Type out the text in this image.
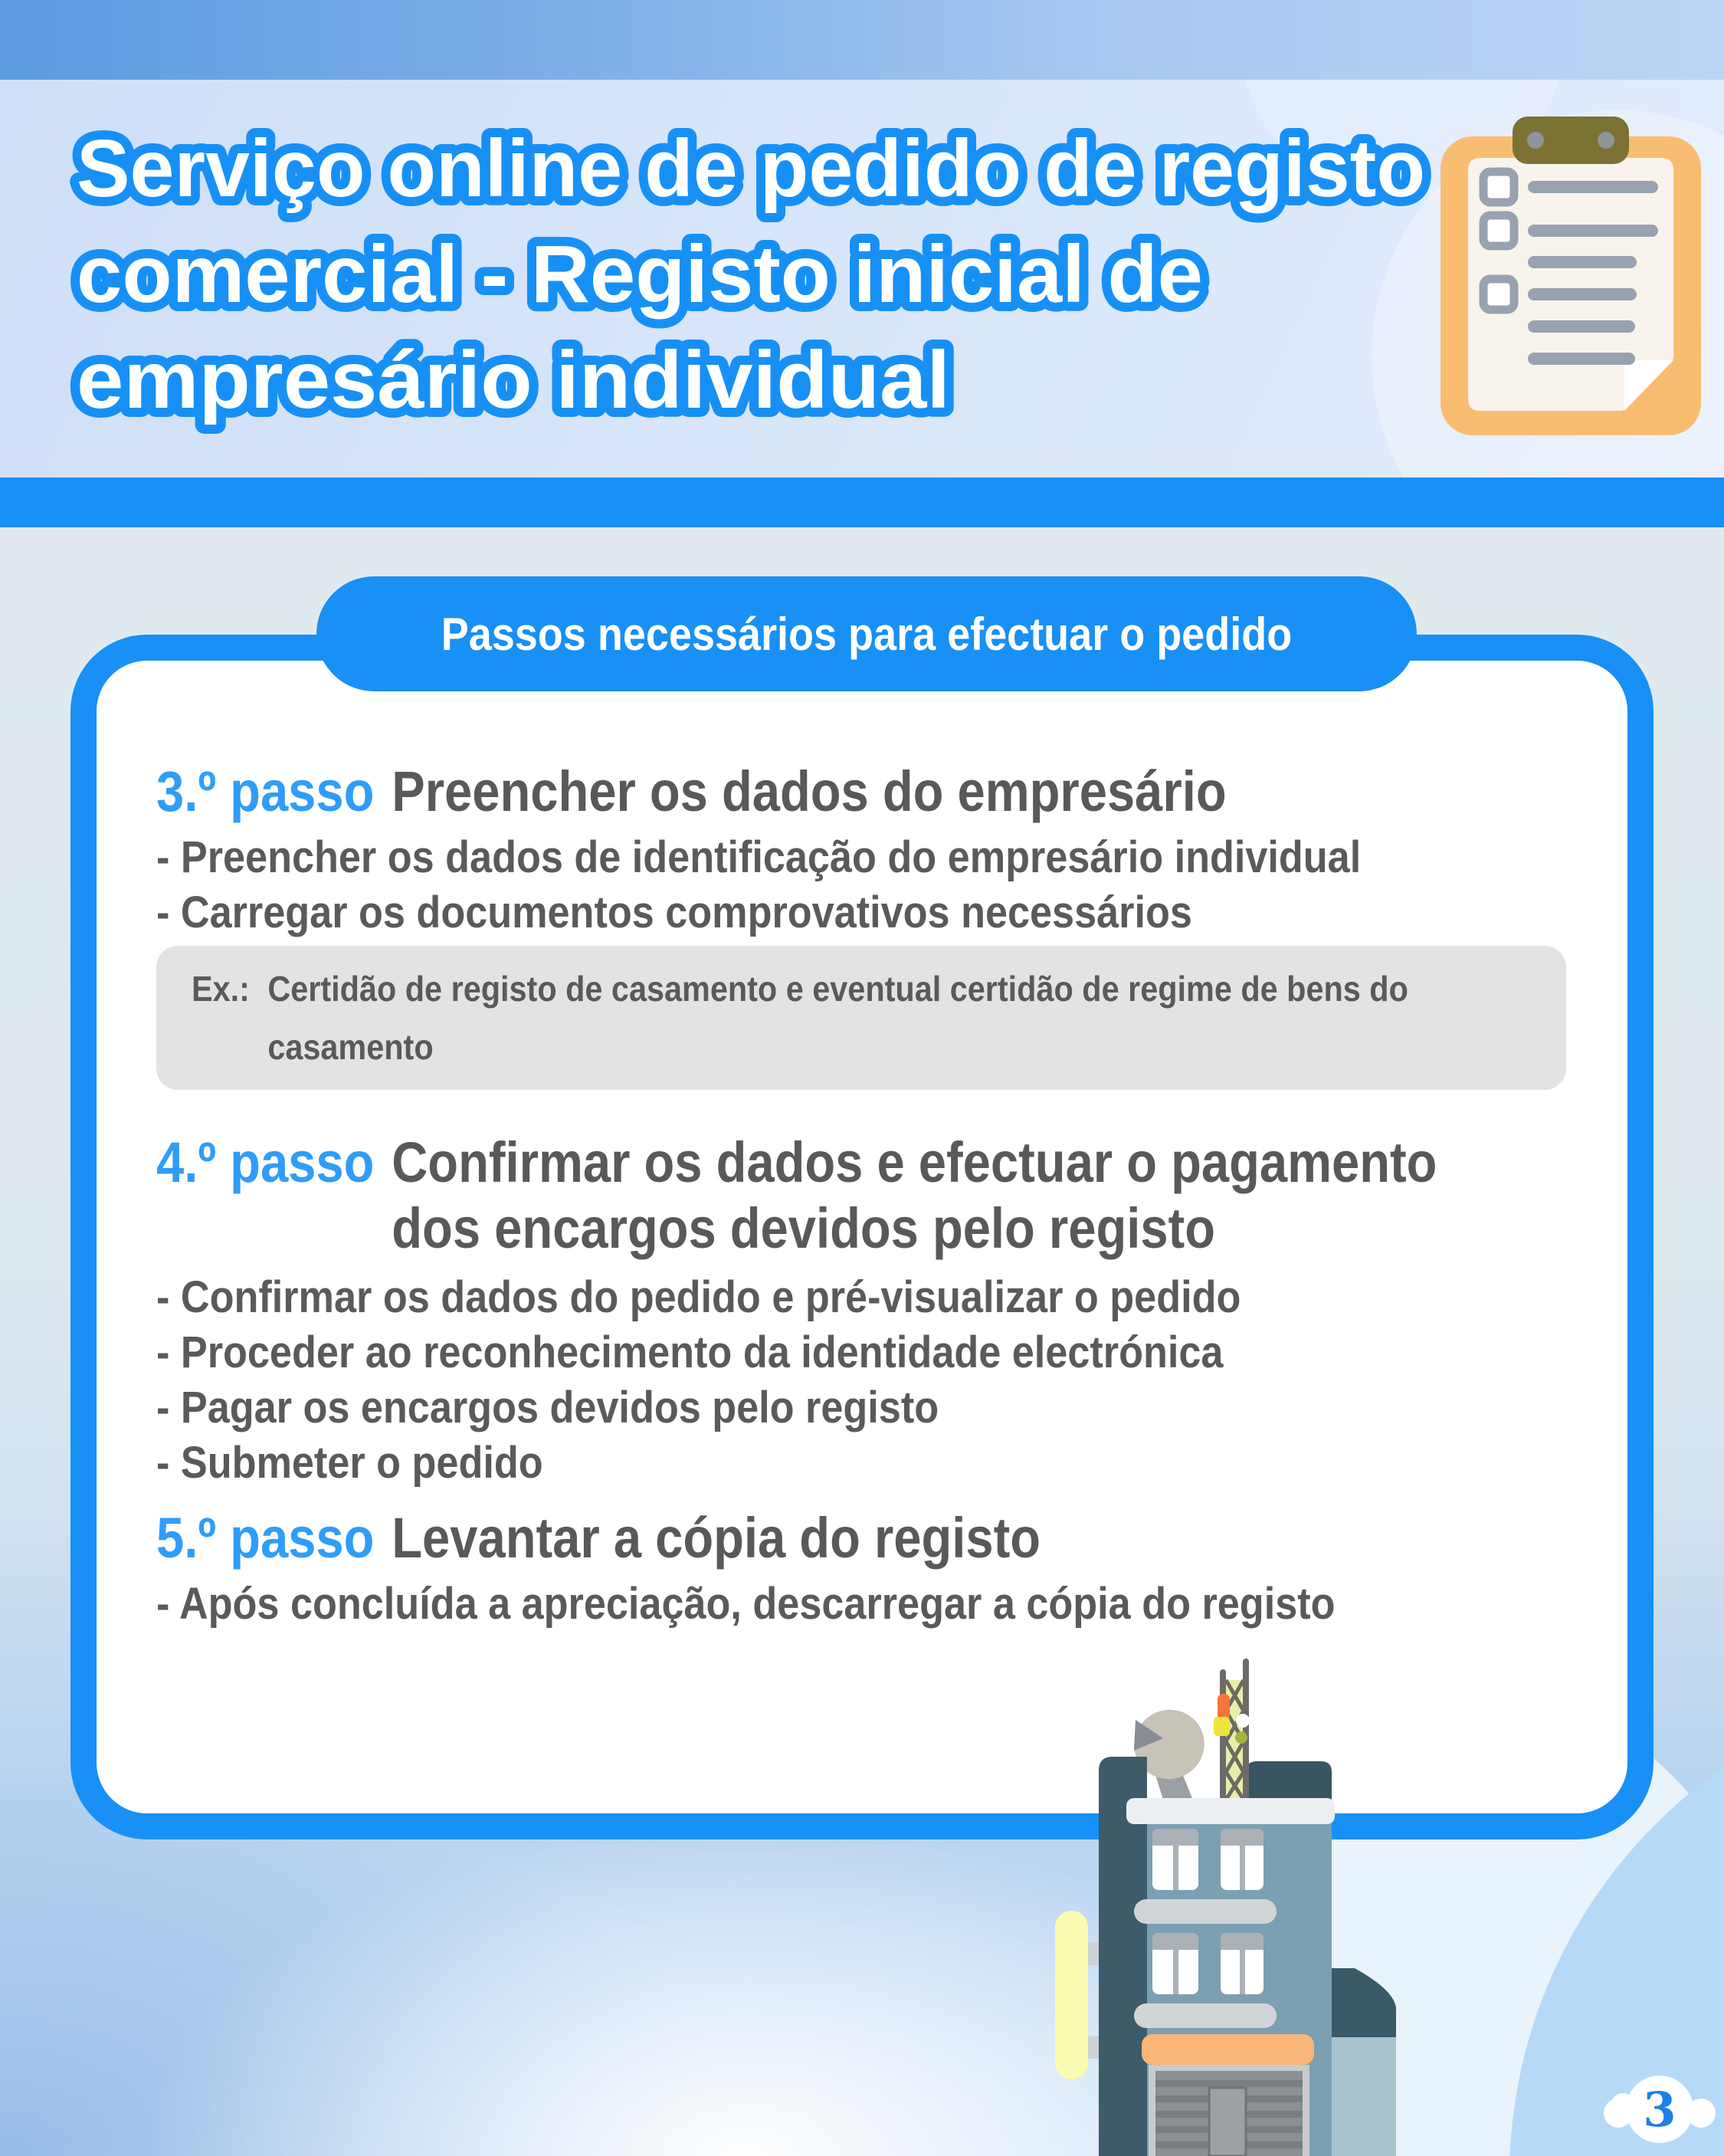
Serviço online de pedido de registo
comercial - Registo inicial de
empresário individual
3.º passo Preencher os dados do empresário
- Preencher os dados de identificação do empresário individual
- Carregar os documentos comprovativos necessários
Ex.: Certidão de registo de casamento e eventual certidão de regime de bens do
casamento
4.º passo Confirmar os dados e efectuar o pagamento
dos encargos devidos pelo registo
- Confirmar os dados do pedido e pré-visualizar o pedido
- Proceder ao reconhecimento da identidade electrónica
- Pagar os encargos devidos pelo registo
- Submeter o pedido
5.º passo Levantar a cópia do registo
- Após concluída a apreciação, descarregar a cópia do registo
Passos necessários para efectuar o pedido
3
